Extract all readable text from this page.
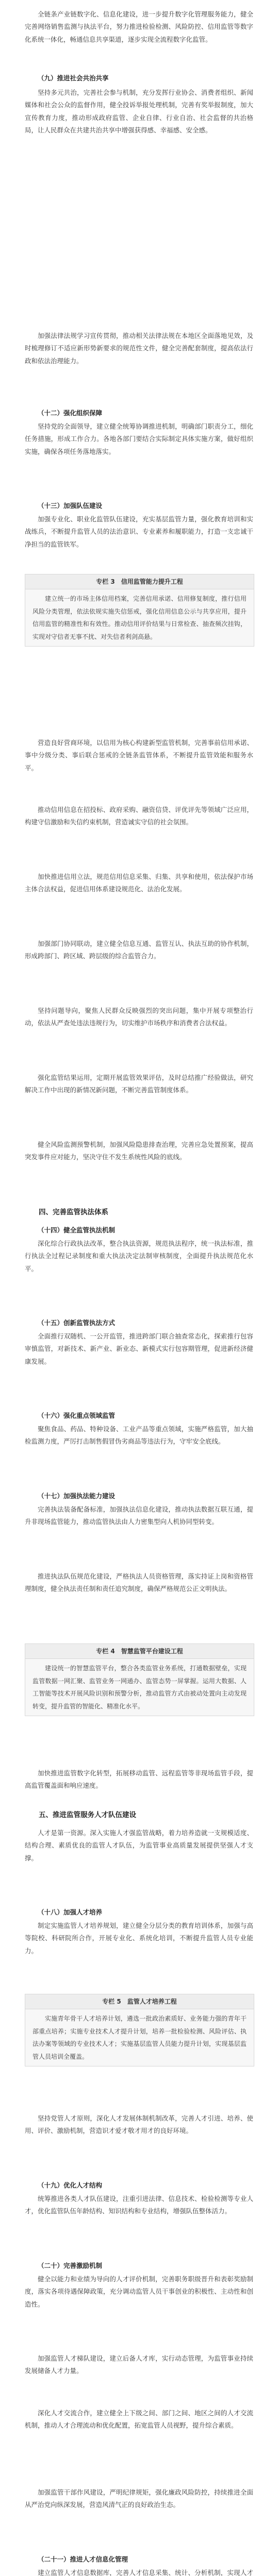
全链条产业链数字化、信息化建设，进一步提升数字化管理服务能力，健全完善网络销售监测与执法平台，努力推进检验检测、风险防控、信用监管等数字化系统一体化，畅通信息共享渠道，逐步实现全流程数字化监管。

（九）推进社会共治共享

坚持多元共治，完善社会参与机制，充分发挥行业协会、消费者组织、新闻媒体和社会公众的监督作用，健全投诉举报处理机制，完善有奖举报制度，加大宣传教育力度，推动形成政府监管、企业自律、行业自治、社会监督的共治格局，让人民群众在共建共治共享中增强获得感、幸福感、安全感。

加强法律法规学习宣传贯彻，推动相关法律法规在本地区全面落地见效，及时梳理修订不适应新形势新要求的规范性文件，健全完善配套制度，提高依法行政和依法治理能力。

（十二）强化组织保障

坚持党的全面领导，建立健全统筹协调推进机制，明确部门职责分工，细化任务措施，形成工作合力。各地各部门要结合实际制定具体实施方案，做好组织实施，确保各项任务落地落实。

（十三）加强队伍建设

加强专业化、职业化监管队伍建设，充实基层监管力量，强化教育培训和实战练兵，不断提升监管人员的法治意识、专业素养和履职能力，打造一支忠诚干净担当的监管铁军。

专栏 3　信用监管能力提升工程

建立统一的市场主体信用档案，完善信用承诺、信用修复制度，推行信用风险分类管理，依法依规实施失信惩戒，强化信用信息公示与共享应用，提升信用监管的精准性和有效性。推动信用评价结果与日常检查、抽查频次挂钩，实现对守信者无事不扰、对失信者利剑高悬。

营造良好营商环境，以信用为核心构建新型监管机制，完善事前信用承诺、事中分级分类、事后联合惩戒的全链条监管体系，不断提升监管效能和服务水平。

推动信用信息在招投标、政府采购、融资信贷、评优评先等领域广泛应用，构建守信激励和失信约束机制，营造诚实守信的社会氛围。

加快推进信用立法，规范信用信息采集、归集、共享和使用，依法保护市场主体合法权益，促进信用体系建设规范化、法治化发展。

加强部门协同联动，建立健全信息互通、监管互认、执法互助的协作机制，形成跨部门、跨区域、跨层级的综合监管合力。

坚持问题导向，聚焦人民群众反映强烈的突出问题，集中开展专项整治行动，依法从严查处违法违规行为，切实维护市场秩序和消费者合法权益。

强化监管结果运用，定期开展监管效果评估，及时总结推广经验做法，研究解决工作中出现的新情况新问题，不断完善监管制度体系。

健全风险监测预警机制，加强风险隐患排查治理，完善应急处置预案，提高突发事件应对能力，坚决守住不发生系统性风险的底线。

四、完善监管执法体系

（十四）健全监管执法机制

深化综合行政执法改革，整合执法资源，规范执法程序，统一执法标准，推行执法全过程记录制度和重大执法决定法制审核制度，全面提升执法规范化水平。

（十五）创新监管执法方式

全面推行双随机、一公开监管，推进跨部门联合抽查常态化，探索推行包容审慎监管，对新技术、新产业、新业态、新模式实行包容期管理，促进新经济健康发展。

（十六）强化重点领域监管

聚焦食品、药品、特种设备、工业产品等重点领域，实施严格监管，加大抽检监测力度，严厉打击制售假冒伪劣商品等违法行为，守牢安全底线。

（十七）加强执法能力建设

完善执法装备配备标准，加强执法信息化建设，推动执法数据互联互通，提升非现场监管能力，推动监管执法由人力密集型向人机协同型转变。

推进执法队伍规范化建设，严格执法人员资格管理，落实持证上岗和资格管理制度，健全执法责任制和责任追究制度，确保严格规范公正文明执法。

专栏 4　智慧监管平台建设工程

建设统一的智慧监管平台，整合各类监管业务系统，打通数据壁垒，实现监管数据一网汇聚、监管业务一网通办、监管态势一屏掌握。运用大数据、人工智能等技术开展风险识别和预警分析，推动监管方式由被动处置向主动发现转变，提升监管的智能化、精准化水平。

加快推进监管数字化转型，拓展移动监管、远程监管等非现场监管手段，提高监管覆盖面和响应速度。

五、推进监管服务人才队伍建设

人才是第一资源。深入实施人才强监管战略，着力培养造就一支规模适度、结构合理、素质优良的监管人才队伍，为监管事业高质量发展提供坚强人才支撑。

（十八）加强人才培养

制定实施监管人才培养规划，建立健全分层分类的教育培训体系，加强与高等院校、科研院所合作，开展专业化、系统化培训，不断提升监管人员专业能力。

专栏 5　监管人才培养工程

实施青年骨干人才培养计划，遴选一批政治素质好、业务能力强的青年干部重点培养；实施专业技术人才提升计划，培养一批检验检测、风险评估、执法办案等领域的专业技术人才；实施基层监管人员能力提升计划，实现基层监管人员培训全覆盖。

坚持党管人才原则，深化人才发展体制机制改革，完善人才引进、培养、使用、评价、激励机制，营造识才爱才敬才用才的良好环境。

（十九）优化人才结构

统筹推进各类人才队伍建设，注重引进法律、信息技术、检验检测等专业人才，优化监管队伍年龄结构、知识结构和专业结构，增强队伍整体活力。

（二十）完善激励机制

健全以能力和业绩为导向的人才评价机制，完善职务职级晋升和表彰奖励制度，落实各项待遇保障政策，充分调动监管人员干事创业的积极性、主动性和创造性。

加强监管人才梯队建设，建立后备人才库，实行动态管理，为监管事业持续发展储备人才力量。

深化人才交流合作，建立健全上下级之间、部门之间、地区之间的人才交流机制，推动人才合理流动和优化配置，拓宽监管人员视野，提升综合素质。

加强监管干部作风建设，严明纪律规矩，强化廉政风险防控，持续推进全面从严治党向纵深发展，营造风清气正的良好政治生态。

（二十一）推进人才信息化管理

建立监管人才信息数据库，完善人才信息采集、统计、分析机制，实现人才
